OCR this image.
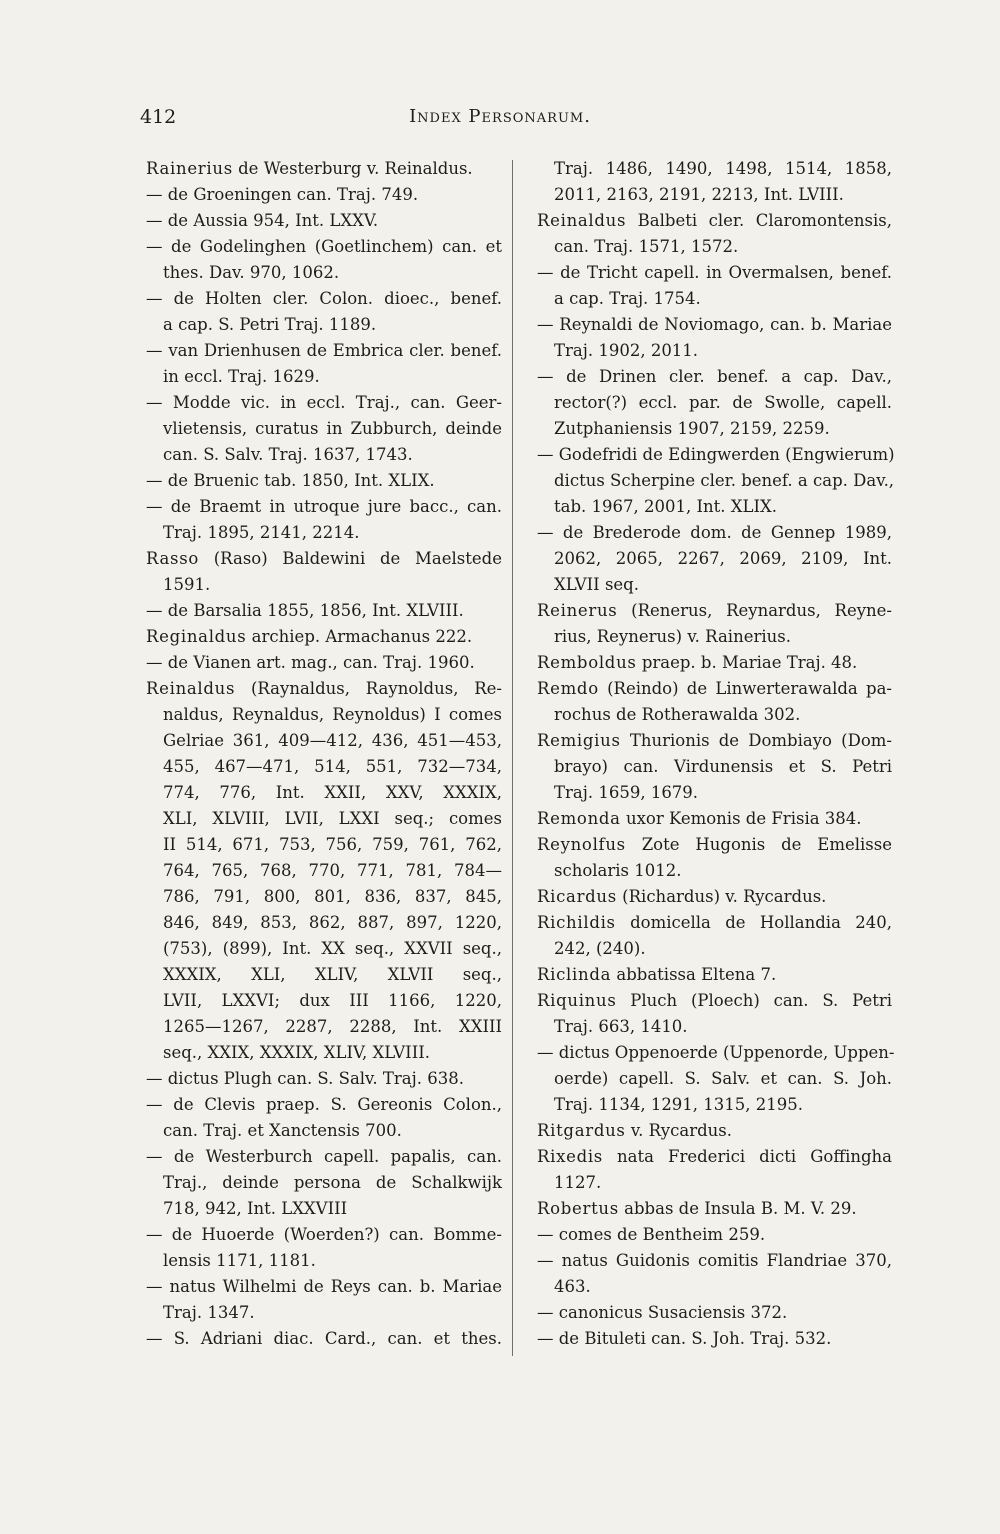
412	Index Personarum.
Rainerius de Westerburg v. Reinaldus.
— de Groeningen can. Traj. 749.
— de Aussia 954, Int. LXXV.
— de Godelinghen (Goetlinchem) can. et
thes. Dav. 970, 1062.
— de Holten cler. Colon. dioec., benef.
a cap. S. Petri Traj. 1189.
— van Drienhusen de Embrica cler. benef.
in eccl. Traj. 1629.
— Modde vic. in eccl. Traj., can. Geer-
vlietensis, curatus in Zubburch, deinde
can. S. Salv. Traj. 1637, 1743.
— de Bruenic tab. 1850, Int. XLIX.
— de Braemt in utroque jure bacc., can.
Traj. 1895, 2141, 2214.
Rasso (Raso) Baldewini de Maelstede
1591.
— de Barsalia 1855, 1856, Int. XLVIII.
Reginaldus archiep. Armachanus 222.
— de Vianen art. mag., can. Traj. 1960.
Reinaldus (Raynaldus, Raynoldus, Re-
naldus, Reynaldus, Reynoldus) I comes
Gelriae 361, 409—412, 436, 451—453,
455, 467—471, 514, 551, 732—734,
774, 776, Int. XXII, XXV, XXXIX,
XLI, XLVIII, LVII, LXXI seq.; comes
II 514, 671, 753, 756, 759, 761, 762,
764, 765, 768, 770, 771, 781, 784—
786, 791, 800, 801, 836, 837, 845,
846, 849, 853, 862, 887, 897, 1220,
(753), (899), Int. XX seq., XXVII seq.,
XXXIX, XLI, XLIV, XLVII seq.,
LVII, LXXVI; dux III 1166, 1220,
1265—1267, 2287, 2288, Int. XXIII
seq., XXIX, XXXIX, XLIV, XLVIII.
— dictus Plugh can. S. Salv. Traj. 638.
— de Clevis praep. S. Gereonis Colon.,
can. Traj. et Xanctensis 700.
— de Westerburch capell. papalis, can.
Traj., deinde persona de Schalkwijk
718, 942, Int. LXXVIII
— de Huoerde (Woerden?) can. Bomme-
lensis 1171, 1181.
— natus Wilhelmi de Reys can. b. Mariae
Traj. 1347.
— S. Adriani diac. Card., can. et thes.
Traj. 1486, 1490, 1498, 1514, 1858,
2011, 2163, 2191, 2213, Int. LVIII.
Reinaldus Balbeti cler. Claromontensis,
can. Traj. 1571, 1572.
— de Tricht capell. in Overmalsen, benef.
a cap. Traj. 1754.
— Reynaldi de Noviomago, can. b. Mariae
Traj. 1902, 2011.
— de Drinen cler. benef. a cap. Dav.,
rector(?) eccl. par. de Swolle, capell.
Zutphaniensis 1907, 2159, 2259.
— Godefridi de Edingwerden (Engwierum)
dictus Scherpine cler. benef. a cap. Dav.,
tab. 1967, 2001, Int. XLIX.
— de Brederode dom. de Gennep 1989,
2062, 2065, 2267, 2069, 2109, Int.
XLVII seq.
Reinerus (Renerus, Reynardus, Reyne-
rius, Reynerus) v. Rainerius.
Remboldus praep. b. Mariae Traj. 48.
Remdo (Reindo) de Linwerterawalda pa-
rochus de Rotherawalda 302.
Remigius Thurionis de Dombiayo (Dom-
brayo) can. Virdunensis et S. Petri
Traj. 1659, 1679.
Remonda uxor Kemonis de Frisia 384.
Reynolfus Zote Hugonis de Emelisse
scholaris 1012.
Ricardus (Richardus) v. Rycardus.
Richildis domicella de Hollandia 240,
242, (240).
Riclinda abbatissa Eltena 7.
Riquinus Pluch (Ploech) can. S. Petri
Traj. 663, 1410.
— dictus Oppenoerde (Uppenorde, Uppen-
oerde) capell. S. Salv. et can. S. Joh.
Traj. 1134, 1291, 1315, 2195.
Ritgardus v. Rycardus.
Rixedis nata Frederici dicti Goffingha
1127.
Robertus abbas de Insula B. M. V. 29.
— comes de Bentheim 259.
— natus Guidonis comitis Flandriae 370,
463.
— canonicus Susaciensis 372.
— de Bituleti can. S. Joh. Traj. 532.
